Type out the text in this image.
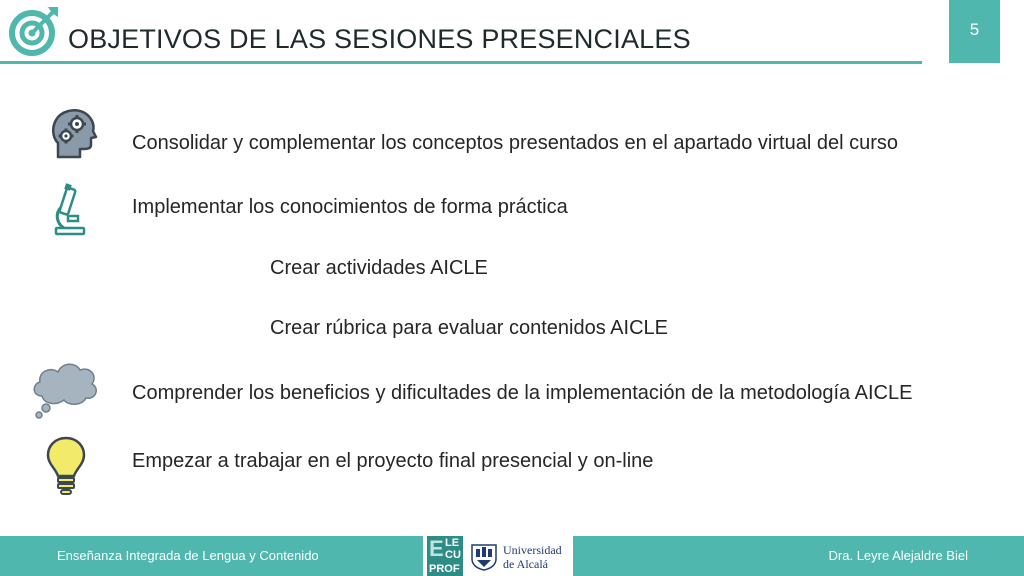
OBJETIVOS DE LAS SESIONES PRESENCIALES	5
Consolidar y complementar los conceptos presentados en el apartado virtual del curso
Implementar los conocimientos de forma práctica
Crear actividades AICLE
Crear rúbrica para evaluar contenidos AICLE
Comprender los beneficios y dificultades de la implementación de la metodología AICLE
Empezar a trabajar en el proyecto final presencial y on-line
Enseñanza Integrada de Lengua y Contenido	E LE
CU
PROF
Universidad
de Alcalá
Dra. Leyre Alejaldre Biel
